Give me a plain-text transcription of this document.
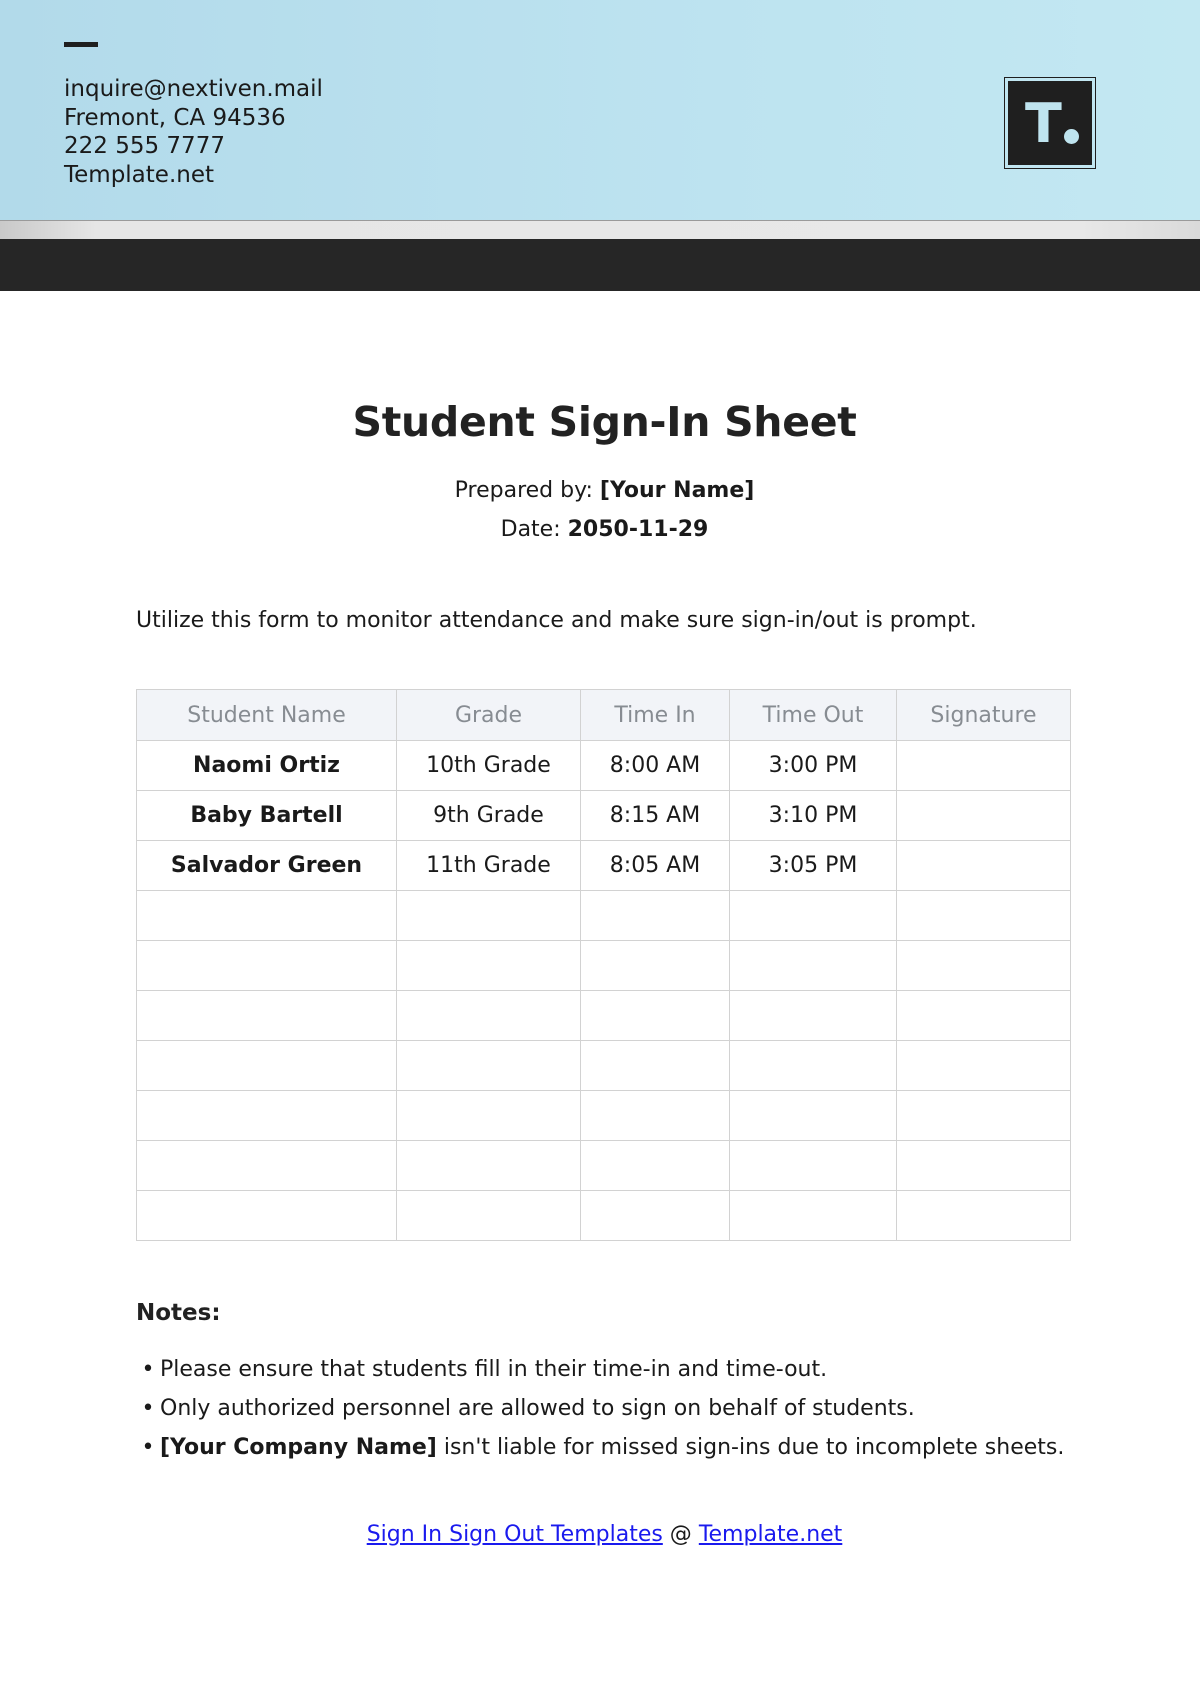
inquire@nextiven.mail
Fremont, CA 94536
222 555 7777
Template.net
T
Student Sign-In Sheet
Prepared by: [Your Name]
Date: 2050-11-29
Utilize this form to monitor attendance and make sure sign-in/out is prompt.
Student Name	Grade	Time In	Time Out	Signature
Naomi Ortiz	10th Grade	8:00 AM	3:00 PM	
Baby Bartell	9th Grade	8:15 AM	3:10 PM	
Salvador Green	11th Grade	8:05 AM	3:05 PM	

Notes:
• Please ensure that students fill in their time-in and time-out.
• Only authorized personnel are allowed to sign on behalf of students.
• [Your Company Name] isn't liable for missed sign-ins due to incomplete sheets.
Sign In Sign Out Templates @ Template.net
